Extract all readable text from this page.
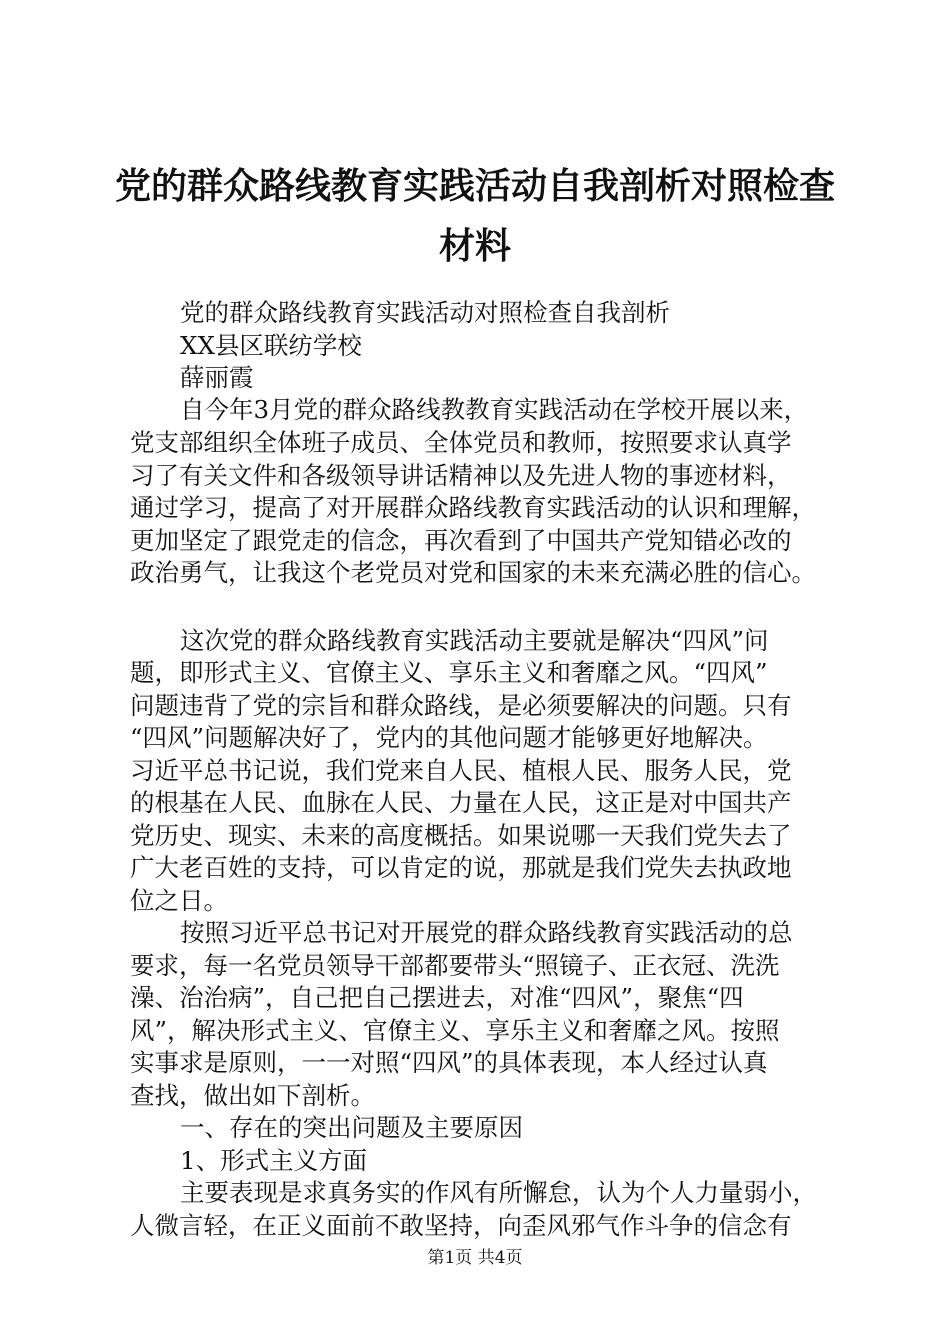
党的群众路线教育实践活动自我剖析对照检查
材料
党的群众路线教育实践活动对照检查自我剖析
XX县区联纺学校
薛丽霞
自今年3月党的群众路线教教育实践活动在学校开展以来，
党支部组织全体班子成员、全体党员和教师，按照要求认真学
习了有关文件和各级领导讲话精神以及先进人物的事迹材料，
通过学习，提高了对开展群众路线教育实践活动的认识和理解，
更加坚定了跟党走的信念，再次看到了中国共产党知错必改的
政治勇气，让我这个老党员对党和国家的未来充满必胜的信心。
这次党的群众路线教育实践活动主要就是解决“四风”问
题，即形式主义、官僚主义、享乐主义和奢靡之风。“四风”
问题违背了党的宗旨和群众路线，是必须要解决的问题。只有
“四风”问题解决好了，党内的其他问题才能够更好地解决。
习近平总书记说，我们党来自人民、植根人民、服务人民，党
的根基在人民、血脉在人民、力量在人民，这正是对中国共产
党历史、现实、未来的高度概括。如果说哪一天我们党失去了
广大老百姓的支持，可以肯定的说，那就是我们党失去执政地
位之日。
按照习近平总书记对开展党的群众路线教育实践活动的总
要求，每一名党员领导干部都要带头“照镜子、正衣冠、洗洗
澡、治治病”，自己把自己摆进去，对准“四风”，聚焦“四
风”，解决形式主义、官僚主义、享乐主义和奢靡之风。按照
实事求是原则，一一对照“四风”的具体表现，本人经过认真
查找，做出如下剖析。
一、存在的突出问题及主要原因
1、形式主义方面
主要表现是求真务实的作风有所懈怠，认为个人力量弱小，
人微言轻，在正义面前不敢坚持，向歪风邪气作斗争的信念有
第1页 共4页
